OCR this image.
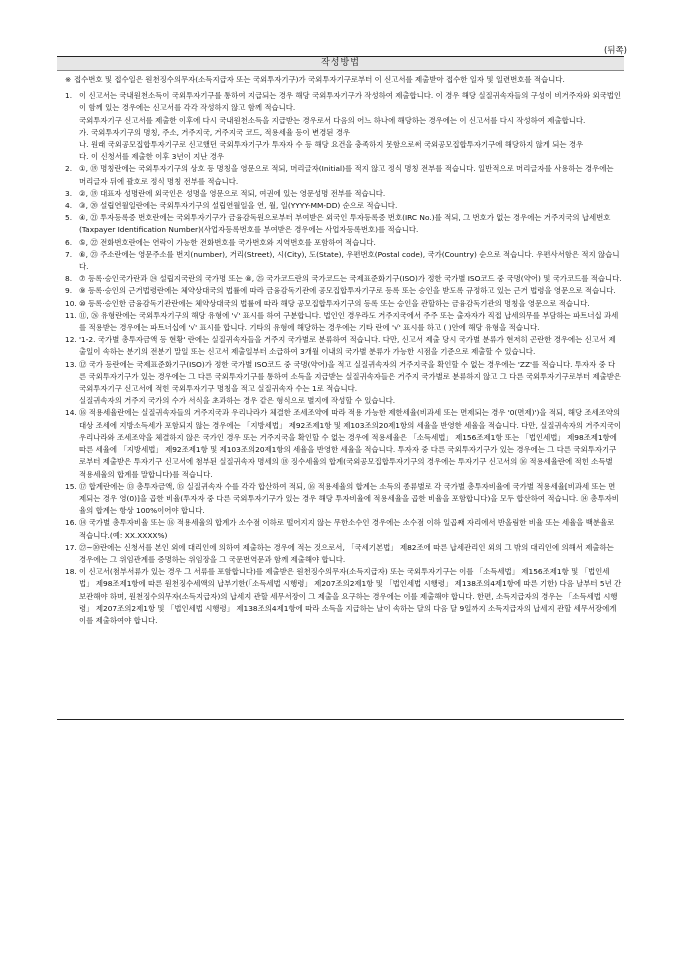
(뒤쪽)
작성방법
※ 접수번호 및 접수일은 원천징수의무자(소득지급자 또는 국외투자기구)가 국외투자기구로부터 이 신고서를 제출받아 접수한 일자 및 일련번호를 적습니다.
1. 이 신고서는 국내원천소득이 국외투자기구를 통하여 지급되는 경우 해당 국외투자기구가 작성하여 제출합니다. 이 경우 해당 실질귀속자들의 구성이 비거주자와 외국법인이 함께 있는 경우에는 신고서를 각각 작성하지 않고 함께 적습니다.

국외투자기구 신고서를 제출한 이후에 다시 국내원천소득을 지급받는 경우로서 다음의 어느 하나에 해당하는 경우에는 이 신고서를 다시 작성하여 제출합니다.

가. 국외투자기구의 명칭, 주소, 거주지국, 거주지국 코드, 적용세율 등이 변경된 경우
나. 원래 국외공모집합투자기구로 신고했던 국외투자기구가 투자자 수 등 해당 요건을 충족하지 못함으로써 국외공모집합투자기구에 해당하지 않게 되는 경우
다. 이 신청서를 제출한 이후 3년이 지난 경우
2. ①, ⑲ 명칭란에는 국외투자기구의 상호 등 명칭을 영문으로 적되, 머리글자(Initial)를 적지 않고 정식 명칭 전부를 적습니다. 일반적으로 머리글자를 사용하는 경우에는 머리글자 뒤에 괄호로 정식 명칭 전부를 적습니다.

3. ②, ⑲ 대표자 성명란에 외국인은 성명을 영문으로 적되, 여권에 있는 영문성명 전부를 적습니다.

4. ③, ⑳ 설립연월일란에는 국외투자기구의 설립연월일을 연, 월, 일(YYYY-MM-DD) 순으로 적습니다.

5. ④, ㉑ 투자등록증 번호란에는 국외투자기구가 금융감독원으로부터 부여받은 외국인 투자등록증 번호(IRC No.)를 적되, 그 번호가 없는 경우에는 거주지국의 납세번호(Taxpayer Identification Number)(사업자등록번호를 부여받은 경우에는 사업자등록번호)를 적습니다.

6. ⑤, ㉒ 전화번호란에는 연락이 가능한 전화번호를 국가번호와 지역번호를 포함하여 적습니다.

7. ⑥, ㉓ 주소란에는 영문주소를 번지(number), 거리(Street), 시(City), 도(State), 우편번호(Postal code), 국가(Country) 순으로 적습니다. 우편사서함은 적지 않습니다.

8. ⑦ 등록·승인국가란과 ㉔ 설립지국란의 국가명 또는 ⑧, ㉕ 국가코드란의 국가코드는 국제표준화기구(ISO)가 정한 국가별 ISO코드 중 국명(약어) 및 국가코드를 적습니다.

9. ⑨ 등록·승인의 근거법령란에는 체약상대국의 법률에 따라 금융감독기관에 공모집합투자기구로 등록 또는 승인을 받도록 규정하고 있는 근거 법령을 영문으로 적습니다.

10. ⑩ 등록·승인한 금융감독기관란에는 체약상대국의 법률에 따라 해당 공모집합투자기구의 등록 또는 승인을 관할하는 금융감독기관의 명칭을 영문으로 적습니다.

11. ⑪, ㉖ 유형란에는 국외투자기구의 해당 유형에 '√' 표시를 하여 구분합니다. 법인인 경우라도 거주지국에서 주주 또는 출자자가 직접 납세의무를 부담하는 파트너십 과세를 적용받는 경우에는 파트너십에 '√' 표시를 합니다. 기타의 유형에 해당하는 경우에는 기타 란에 '√' 표시를 하고 ( )안에 해당 유형을 적습니다.

12. '1-2. 국가별 총투자금액 등 현황' 란에는 실질귀속자들을 거주지 국가별로 분류하여 적습니다. 다만, 신고서 제출 당시 국가별 분류가 현저히 곤란한 경우에는 신고서 제출일이 속하는 분기의 전분기 말일 또는 신고서 제출일부터 소급하여 3개월 이내의 국가별 분류가 가능한 시점을 기준으로 제출할 수 있습니다.

13. ⑫ 국가 등란에는 국제표준화기구(ISO)가 정한 국가별 ISO코드 중 국명(약어)을 적고 실질귀속자의 거주지국을 확인할 수 없는 경우에는 'ZZ'를 적습니다. 투자자 중 다른 국외투자기구가 있는 경우에는 그 다른 국외투자기구를 통하여 소득을 지급받는 실질귀속자들은 거주지 국가별로 분류하지 않고 그 다른 국외투자기구로부터 제출받은 국외투자기구 신고서에 적힌 국외투자기구 명칭을 적고 실질귀속자 수는 1로 적습니다.

실질귀속자의 거주지 국가의 수가 서식을 초과하는 경우 같은 형식으로 별지에 작성할 수 있습니다.

14. ⑯ 적용세율란에는 실질귀속자들의 거주지국과 우리나라가 체결한 조세조약에 따라 적용 가능한 제한세율(비과세 또는 면제되는 경우 '0(면제)')을 적되, 해당 조세조약의 대상 조세에 지방소득세가 포함되지 않는 경우에는 「지방세법」 제92조제1항 및 제103조의20제1항의 세율을 반영한 세율을 적습니다. 다만, 실질귀속자의 거주지국이 우리나라와 조세조약을 체결하지 않은 국가인 경우 또는 거주지국을 확인할 수 없는 경우에 적용세율은 「소득세법」 제156조제1항 또는 「법인세법」 제98조제1항에 따른 세율에 「지방세법」 제92조제1항 및 제103조의20제1항의 세율을 반영한 세율을 적습니다. 투자자 중 다른 국외투자기구가 있는 경우에는 그 다른 국외투자기구로부터 제출받은 투자기구 신고서에 첨부된 실질귀속자 명세의 ⑱ 징수세율의 합계(국외공모집합투자기구의 경우에는 투자기구 신고서의 ⑯ 적용세율란에 적힌 소득별 적용세율의 합계를 말합니다)를 적습니다.

15. ⑰ 합계란에는 ⑬ 총투자금액, ⑮ 실질귀속자 수를 각각 합산하여 적되, ⑯ 적용세율의 합계는 소득의 종류별로 각 국가별 총투자비율에 국가별 적용세율[비과세 또는 면제되는 경우 영(0)]을 곱한 비율(투자자 중 다른 국외투자기구가 있는 경우 해당 투자비율에 적용세율을 곱한 비율을 포함합니다)을 모두 합산하여 적습니다. ⑭ 총투자비율의 합계는 항상 100%이어야 합니다.

16. ⑭ 국가별 총투자비율 또는 ⑯ 적용세율의 합계가 소수점 이하로 떨어지지 않는 무한소수인 경우에는 소수점 이하 일곱째 자리에서 반올림한 비율 또는 세율을 백분율로 적습니다.(예: XX.XXXX%)

17. ㉗~㉚란에는 신청서를 본인 외에 대리인에 의하여 제출하는 경우에 적는 것으로서, 「국세기본법」 제82조에 따른 납세관리인 외의 그 밖의 대리인에 의해서 제출하는 경우에는 그 위임관계를 증명하는 위임장을 그 국문번역문과 함께 제출해야 합니다.

18. 이 신고서(첨부서류가 있는 경우 그 서류를 포함합니다)를 제출받은 원천징수의무자(소득지급자) 또는 국외투자기구는 이를 「소득세법」 제156조제1항 및 「법인세법」 제98조제1항에 따른 원천징수세액의 납부기한(「소득세법 시행령」 제207조의2제1항 및 「법인세법 시행령」 제138조의4제1항에 따른 기한) 다음 날부터 5년 간 보관해야 하며, 원천징수의무자(소득지급자)의 납세지 관할 세무서장이 그 제출을 요구하는 경우에는 이를 제출해야 합니다. 한편, 소득지급자의 경우는 「소득세법 시행령」 제207조의2제1항 및 「법인세법 시행령」 제138조의4제1항에 따라 소득을 지급하는 날이 속하는 달의 다음 달 9일까지 소득지급자의 납세지 관할 세무서장에게 이를 제출하여야 합니다.
